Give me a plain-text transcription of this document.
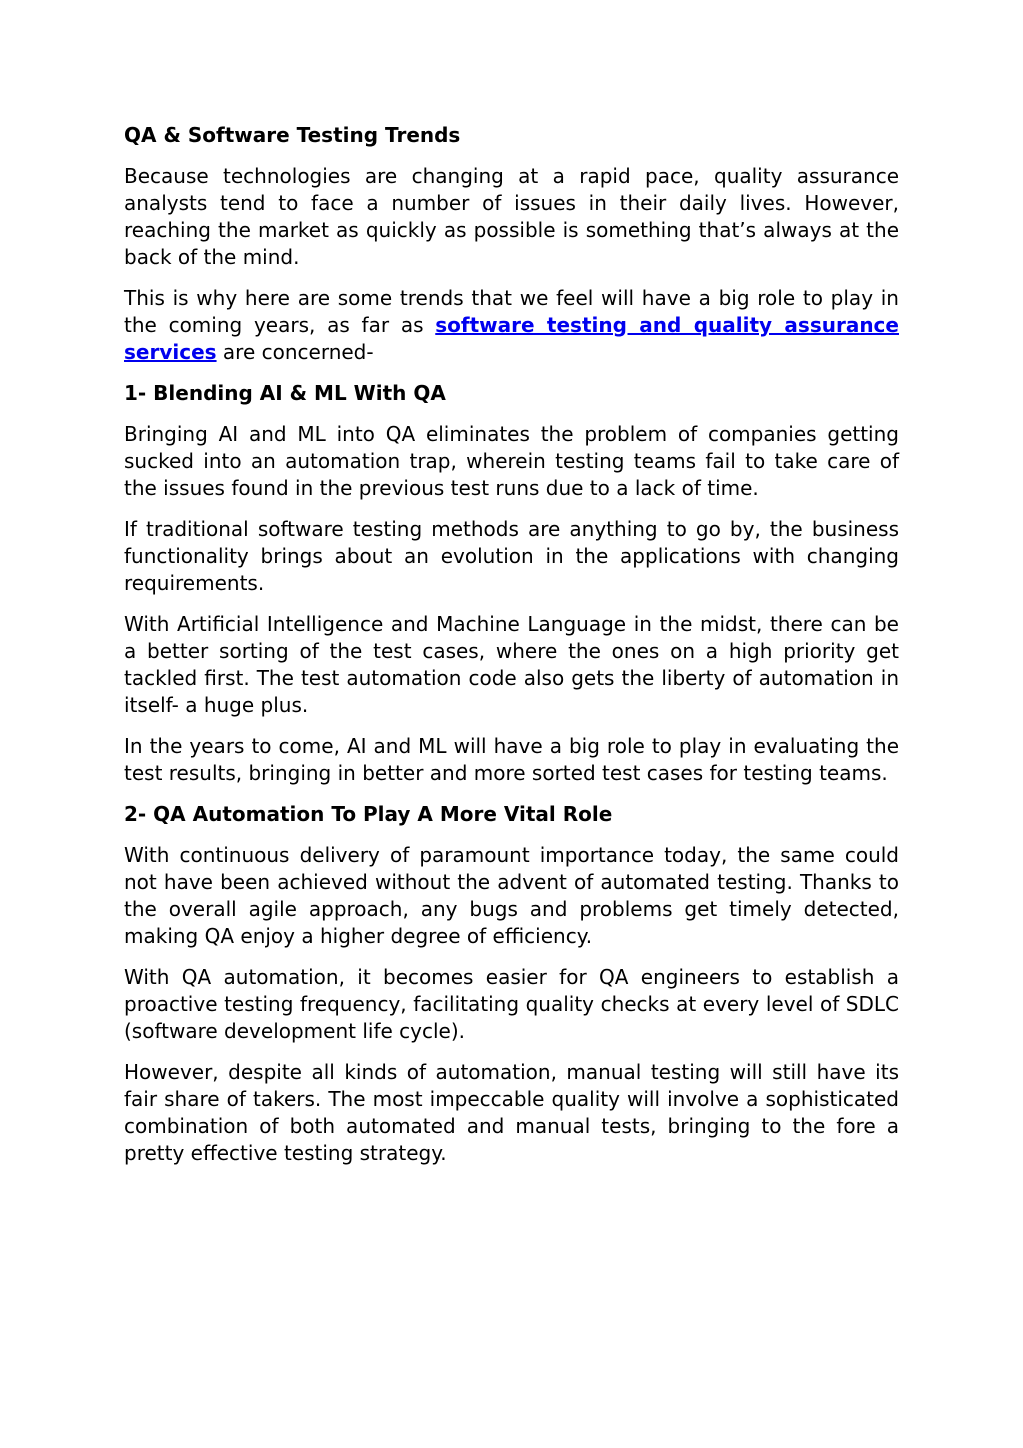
QA & Software Testing Trends

Because technologies are changing at a rapid pace, quality assurance analysts tend to face a number of issues in their daily lives. However, reaching the market as quickly as possible is something that’s always at the back of the mind.

This is why here are some trends that we feel will have a big role to play in the coming years, as far as software testing and quality assurance services are concerned-

1- Blending AI & ML With QA

Bringing AI and ML into QA eliminates the problem of companies getting sucked into an automation trap, wherein testing teams fail to take care of the issues found in the previous test runs due to a lack of time.

If traditional software testing methods are anything to go by, the business functionality brings about an evolution in the applications with changing requirements.

With Artificial Intelligence and Machine Language in the midst, there can be a better sorting of the test cases, where the ones on a high priority get tackled first. The test automation code also gets the liberty of automation in itself- a huge plus.

In the years to come, AI and ML will have a big role to play in evaluating the test results, bringing in better and more sorted test cases for testing teams.

2- QA Automation To Play A More Vital Role

With continuous delivery of paramount importance today, the same could not have been achieved without the advent of automated testing. Thanks to the overall agile approach, any bugs and problems get timely detected, making QA enjoy a higher degree of efficiency.

With QA automation, it becomes easier for QA engineers to establish a proactive testing frequency, facilitating quality checks at every level of SDLC (software development life cycle).

However, despite all kinds of automation, manual testing will still have its fair share of takers. The most impeccable quality will involve a sophisticated combination of both automated and manual tests, bringing to the fore a pretty effective testing strategy.
